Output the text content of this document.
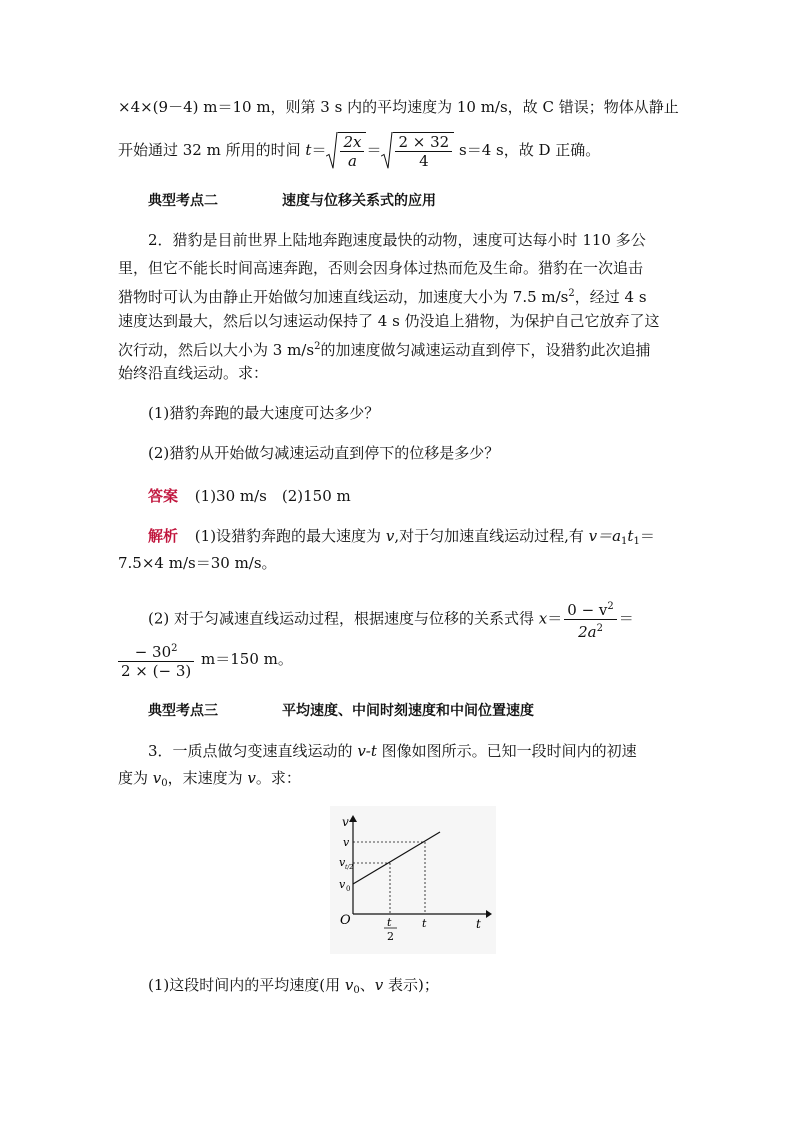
×4×(9－4) m＝10 m，则第 3 s 内的平均速度为 10 m/s，故 C 错误；物体从静止
开始通过 32 m 所用的时间 $t= \frac{2x}{a} = \frac{2 \times 32}{4} s=4$ s，故 D 正确。
典型考点二	速度与位移关系式的应用
2．猎豹是目前世界上陆地奔跑速度最快的动物，速度可达每小时 110 多公
里，但它不能长时间高速奔跑，否则会因身体过热而危及生命。猎豹在一次追击
猎物时可认为由静止开始做匀加速直线运动，加速度大小为 7.5 $m/s^2$，经过 4 s
速度达到最大，然后以匀速运动保持了 4 s 仍没追上猎物，为保护自己它放弃了这
次行动，然后以大小为 3 $m/s^2$的加速度做匀减速运动直到停下，设猎豹此次追捕
始终沿直线运动。求：
(1)猎豹奔跑的最大速度可达多少？
(2)猎豹从开始做匀减速运动直到停下的位移是多少？
答案 (1)30 m/s　(2)150 m
解析 (1)设猎豹奔跑的最大速度为 v,对于匀加速直线运动过程,有 $v=a_1t_1=$
7.5×4 m/s＝30 m/s。
(2) 对于匀减速直线运动过程，根据速度与位移的关系式得 $x= \frac{0 - v^2}{2a^2}$ ＝
$\frac{- 30^2}{2 \times (- 3)} m=150$ m。
典型考点三	平均速度、中间时刻速度和中间位置速度
3．一质点做匀变速直线运动的 v-t 图像如图所示。已知一段时间内的初速
度为 $v_0$，末速度为 v。求：
v
t
O
v
v t/2
v 0
t
2
t
(1)这段时间内的平均速度(用 $v_0$、v 表示)；
